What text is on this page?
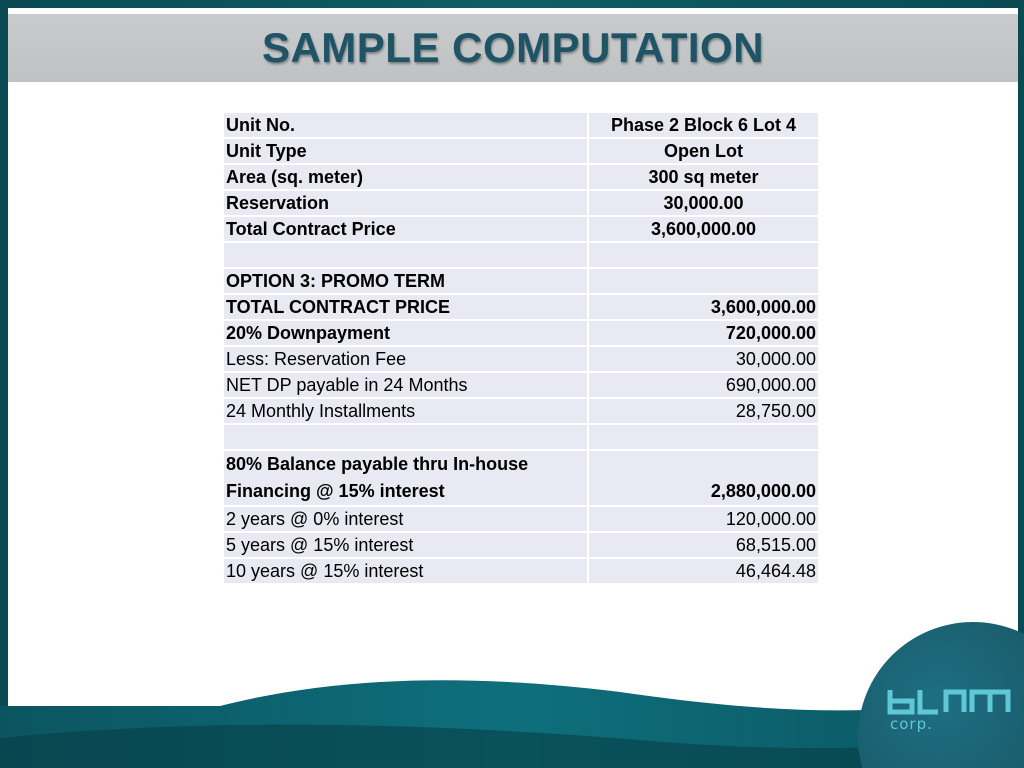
SAMPLE COMPUTATION
Unit No.	Phase 2 Block 6 Lot 4
Unit Type	Open Lot
Area (sq. meter)	300 sq meter
Reservation	30,000.00
Total Contract Price	3,600,000.00

OPTION 3: PROMO TERM	
TOTAL CONTRACT PRICE	3,600,000.00
20% Downpayment	720,000.00
Less: Reservation Fee	30,000.00
NET DP payable in 24 Months	690,000.00
24 Monthly Installments	28,750.00

80% Balance payable thru In-house Financing @ 15% interest	2,880,000.00
2 years @ 0% interest	120,000.00
5 years @ 15% interest	68,515.00
10 years @ 15% interest	46,464.48
corp.
